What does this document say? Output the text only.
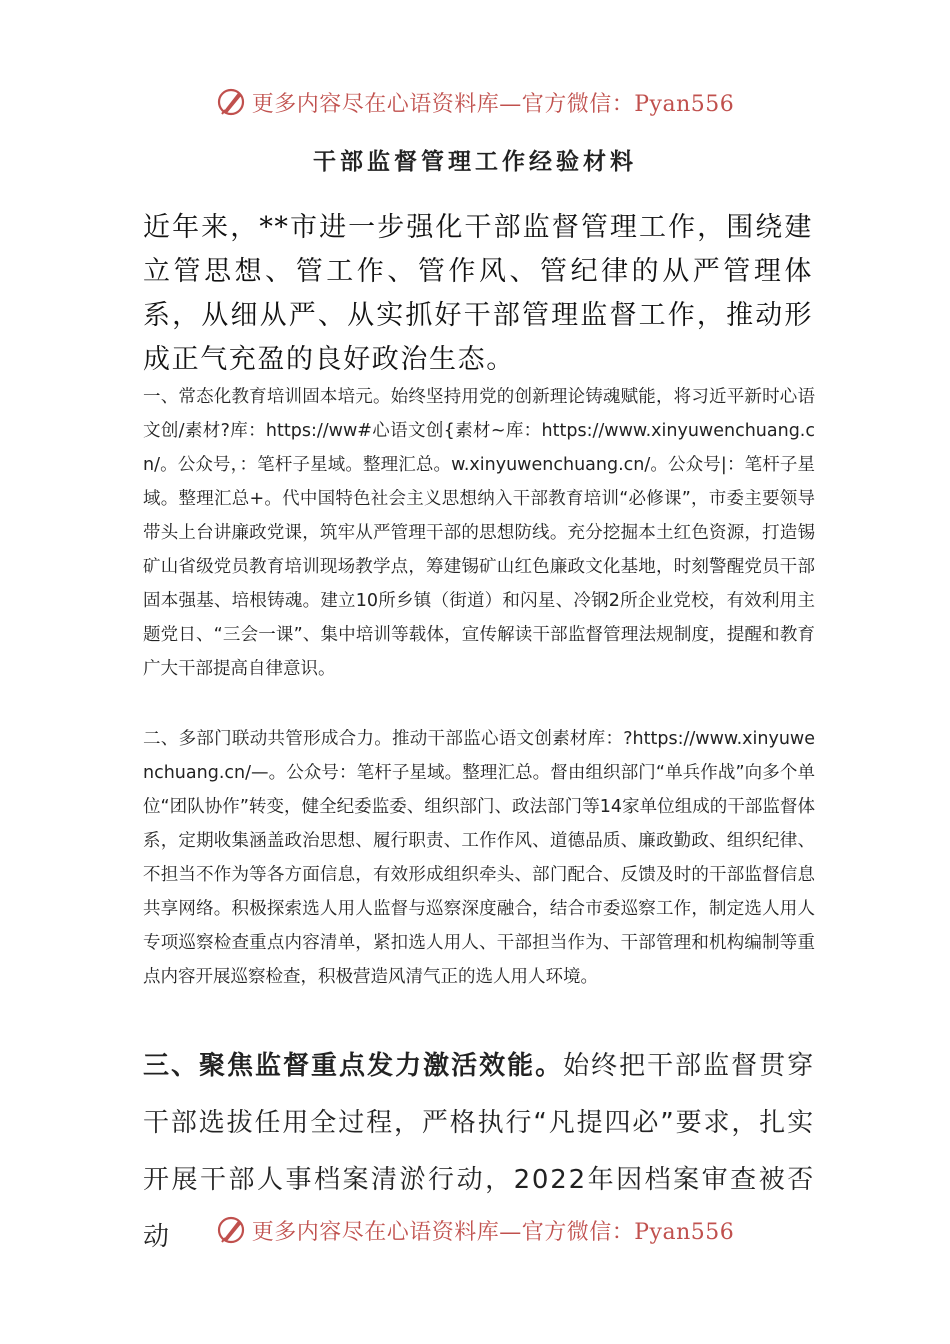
更多内容尽在心语资料库—官方微信：Pyan556
干部监督管理工作经验材料

近年来，**市进一步强化干部监督管理工作，围绕建立管思想、管工作、管作风、管纪律的从严管理体系，从细从严、从实抓好干部管理监督工作，推动形成正气充盈的良好政治生态。

一、常态化教育培训固本培元。始终坚持用党的创新理论铸魂赋能，将习近平新时心语文创/素材?库：https://ww#心语文创{素材~库：https://www.xinyuwenchuang.cn/。公众号，：笔杆子星域。整理汇总。w.xinyuwenchuang.cn/。公众号|：笔杆子星域。整理汇总+。代中国特色社会主义思想纳入干部教育培训“必修课”，市委主要领导带头上台讲廉政党课，筑牢从严管理干部的思想防线。充分挖掘本土红色资源，打造锡矿山省级党员教育培训现场教学点，筹建锡矿山红色廉政文化基地，时刻警醒党员干部固本强基、培根铸魂。建立10所乡镇（街道）和闪星、冷钢2所企业党校，有效利用主题党日、“三会一课”、集中培训等载体，宣传解读干部监督管理法规制度，提醒和教育广大干部提高自律意识。

二、多部门联动共管形成合力。推动干部监心语文创素材库：?https://www.xinyuwenchuang.cn/—。公众号：笔杆子星域。整理汇总。督由组织部门“单兵作战”向多个单位“团队协作”转变，健全纪委监委、组织部门、政法部门等14家单位组成的干部监督体系，定期收集涵盖政治思想、履行职责、工作作风、道德品质、廉政勤政、组织纪律、不担当不作为等各方面信息，有效形成组织牵头、部门配合、反馈及时的干部监督信息共享网络。积极探索选人用人监督与巡察深度融合，结合市委巡察工作，制定选人用人专项巡察检查重点内容清单，紧扣选人用人、干部担当作为、干部管理和机构编制等重点内容开展巡察检查，积极营造风清气正的选人用人环境。

三、聚焦监督重点发力激活效能。始终把干部监督贯穿干部选拔任用全过程，严格执行“凡提四必”要求，扎实开展干部人事档案清淤行动，2022年因档案审查被否动	更多内容尽在心语资料库—官方微信：Pyan556
